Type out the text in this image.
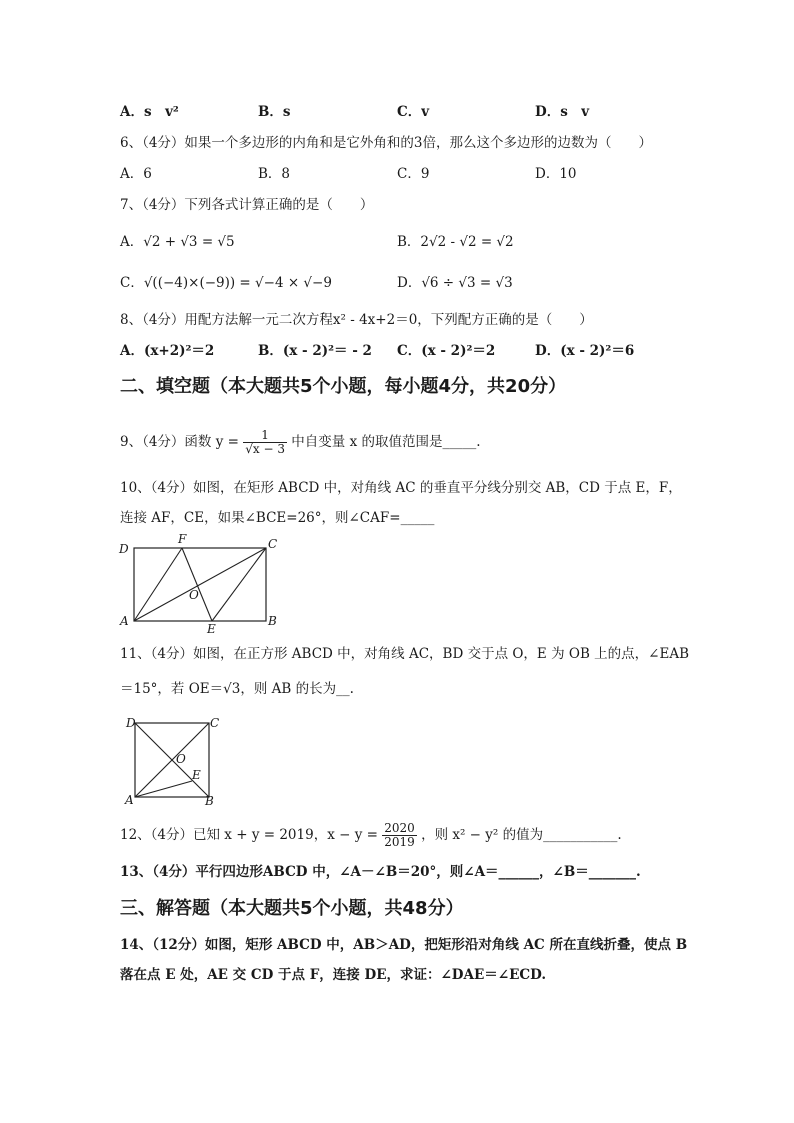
A．s　v²	B．s	C．v	D．s　v
6、（4分）如果一个多边形的内角和是它外角和的3倍，那么这个多边形的边数为（　　）
A．6	B．8	C．9	D．10
7、（4分）下列各式计算正确的是（　　）
A．√2 + √3 = √5	B．2√2 - √2 = √2
C．√((−4)×(−9)) = √−4 × √−9	D．√6 ÷ √3 = √3
8、（4分）用配方法解一元二次方程x² - 4x+2＝0，下列配方正确的是（　　）
A．(x+2)²＝2	B．(x - 2)²＝ - 2 C．(x - 2)²＝2	D．(x - 2)²＝6
二、填空题（本大题共5个小题，每小题4分，共20分）
9、（4分）函数 $y = \frac{1}{√x - 3}$ 中自变量 x 的取值范围是_____.
10、（4分）如图，在矩形 ABCD 中，对角线 AC 的垂直平分线分别交 AB，CD 于点 E，F，
连接 AF，CE，如果∠BCE=26°，则∠CAF=_____
D
F	C
O
A
E
B
11、（4分）如图，在正方形 ABCD 中，对角线 AC，BD 交于点 O，E 为 OB 上的点，∠EAB
＝15°，若 OE＝√3，则 AB 的长为__.
D	C
O
E
A	B
12、（4分）已知 x + y = 2019，$x - y = \frac{2020}{2019}$ ，则 x² − y² 的值为___________.
13、（4分）平行四边形ABCD 中，∠A－∠B＝20°，则∠A＝______，∠B＝_______.
三、解答题（本大题共5个小题，共48分）
14、（12分）如图，矩形 ABCD 中，AB＞AD，把矩形沿对角线 AC 所在直线折叠，使点 B
落在点 E 处，AE 交 CD 于点 F，连接 DE，求证：∠DAE＝∠ECD.
